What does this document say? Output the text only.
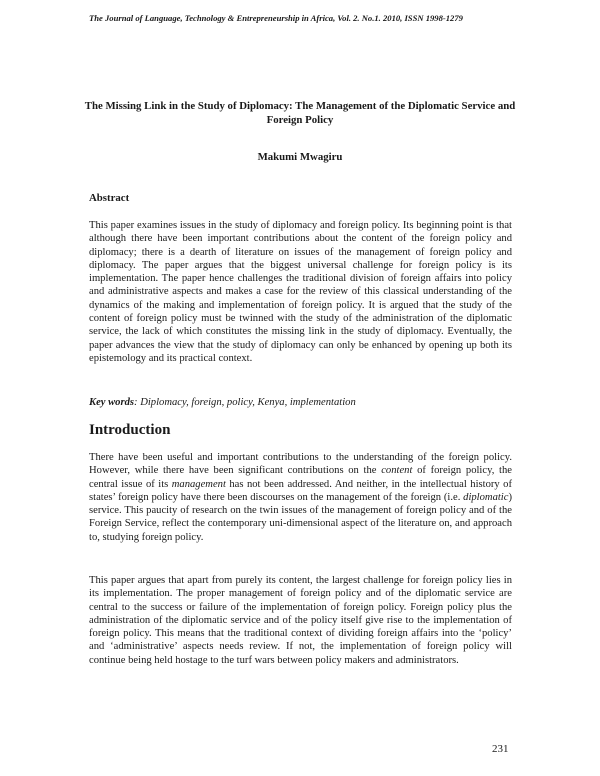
The Journal of Language, Technology & Entrepreneurship in Africa, Vol. 2. No.1. 2010, ISSN 1998-1279
The Missing Link in the Study of Diplomacy: The Management of the Diplomatic Service and Foreign Policy
Makumi Mwagiru
Abstract
This paper examines issues in the study of diplomacy and foreign policy. Its beginning point is that although there have been important contributions about the content of the foreign policy and diplomacy; there is a dearth of literature on issues of the management of foreign policy and diplomacy. The paper argues that the biggest universal challenge for foreign policy is its implementation. The paper hence challenges the traditional division of foreign affairs into policy and administrative aspects and makes a case for the review of this classical understanding of the dynamics of the making and implementation of foreign policy. It is argued that the study of the content of foreign policy must be twinned with the study of the administration of the diplomatic service, the lack of which constitutes the missing link in the study of diplomacy. Eventually, the paper advances the view that the study of diplomacy can only be enhanced by opening up both its epistemology and its practical context.
Key words: Diplomacy, foreign, policy, Kenya, implementation
Introduction
There have been useful and important contributions to the understanding of the foreign policy. However, while there have been significant contributions on the content of foreign policy, the central issue of its management has not been addressed. And neither, in the intellectual history of states’ foreign policy have there been discourses on the management of the foreign (i.e. diplomatic) service. This paucity of research on the twin issues of the management of foreign policy and of the Foreign Service, reflect the contemporary uni-dimensional aspect of the literature on, and approach to, studying foreign policy.
This paper argues that apart from purely its content, the largest challenge for foreign policy lies in its implementation. The proper management of foreign policy and of the diplomatic service are central to the success or failure of the implementation of foreign policy. Foreign policy plus the administration of the diplomatic service and of the policy itself give rise to the implementation of foreign policy. This means that the traditional context of dividing foreign affairs into the ‘policy’ and ‘administrative’ aspects needs review. If not, the implementation of foreign policy will continue being held hostage to the turf wars between policy makers and administrators.
231
